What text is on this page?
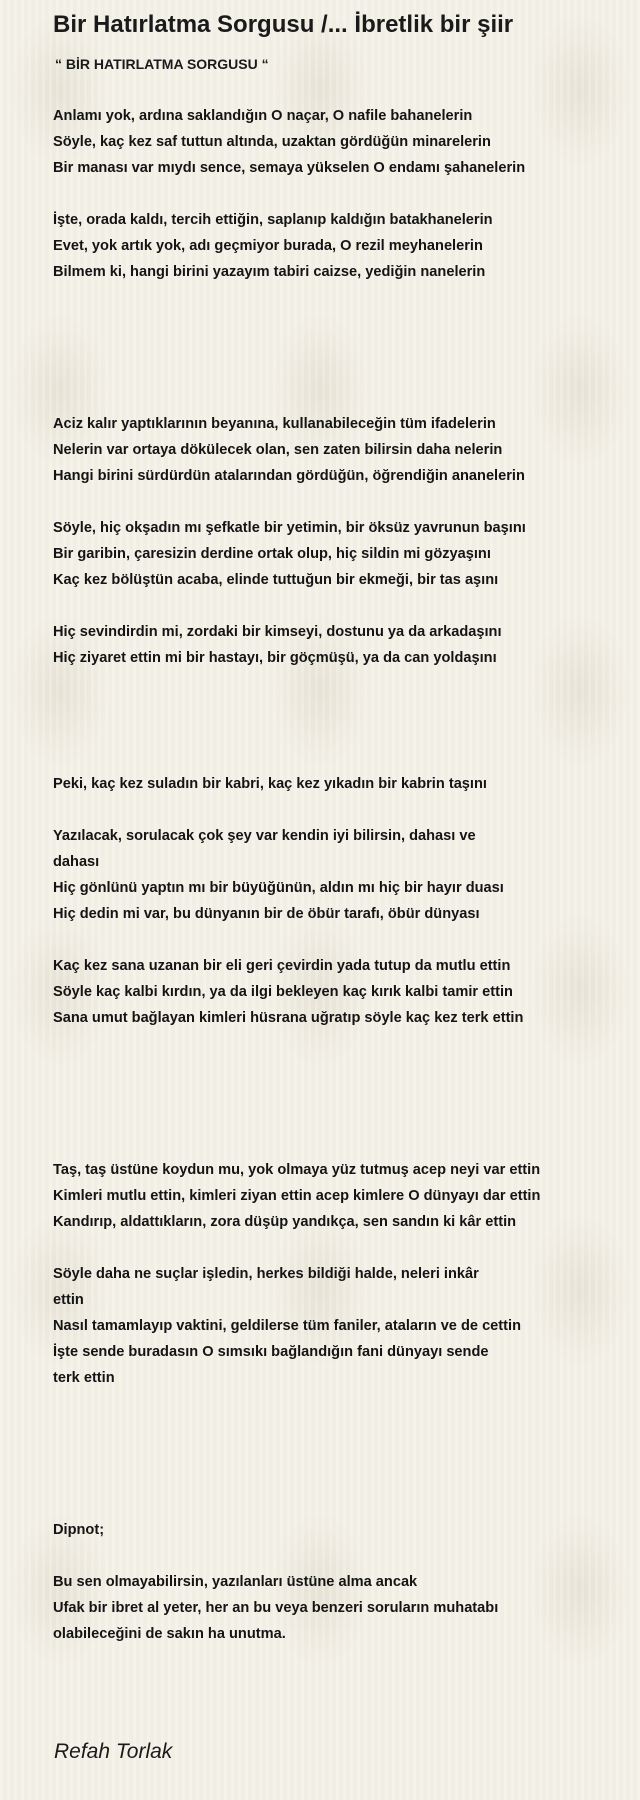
Bir Hatırlatma Sorgusu /... İbretlik bir şiir
“ BİR HATIRLATMA SORGUSU “
Anlamı yok, ardına saklandığın O naçar, O nafile bahanelerin
Söyle, kaç kez saf tuttun altında, uzaktan gördüğün minarelerin
Bir manası var mıydı sence, semaya yükselen O endamı şahanelerin
İşte, orada kaldı, tercih ettiğin, saplanıp kaldığın batakhanelerin
Evet, yok artık yok, adı geçmiyor burada, O rezil meyhanelerin
Bilmem ki, hangi birini yazayım tabiri caizse, yediğin nanelerin
Aciz kalır yaptıklarının beyanına, kullanabileceğin tüm ifadelerin
Nelerin var ortaya dökülecek olan, sen zaten bilirsin daha nelerin
Hangi birini sürdürdün atalarından gördüğün, öğrendiğin ananelerin
Söyle, hiç okşadın mı şefkatle bir yetimin, bir öksüz yavrunun başını
Bir garibin, çaresizin derdine ortak olup, hiç sildin mi gözyaşını
Kaç kez bölüştün acaba, elinde tuttuğun bir ekmeği, bir tas aşını
Hiç sevindirdin mi, zordaki bir kimseyi, dostunu ya da arkadaşını
Hiç ziyaret ettin mi bir hastayı, bir göçmüşü, ya da can yoldaşını
Peki, kaç kez suladın bir kabri, kaç kez yıkadın bir kabrin taşını
Yazılacak, sorulacak çok şey var kendin iyi bilirsin, dahası ve
dahası
Hiç gönlünü yaptın mı bir büyüğünün, aldın mı hiç bir hayır duası
Hiç dedin mi var, bu dünyanın bir de öbür tarafı, öbür dünyası
Kaç kez sana uzanan bir eli geri çevirdin yada tutup da mutlu ettin
Söyle kaç kalbi kırdın, ya da ilgi bekleyen kaç kırık kalbi tamir ettin
Sana umut bağlayan kimleri hüsrana uğratıp söyle kaç kez terk ettin
Taş, taş üstüne koydun mu, yok olmaya yüz tutmuş acep neyi var ettin
Kimleri mutlu ettin, kimleri ziyan ettin acep kimlere O dünyayı dar ettin
Kandırıp, aldattıkların, zora düşüp yandıkça, sen sandın ki kâr ettin
Söyle daha ne suçlar işledin, herkes bildiği halde, neleri inkâr
ettin
Nasıl tamamlayıp vaktini, geldilerse tüm faniler, ataların ve de cettin
İşte sende buradasın O sımsıkı bağlandığın fani dünyayı sende
terk ettin
Dipnot;
Bu sen olmayabilirsin, yazılanları üstüne alma ancak
Ufak bir ibret al yeter, her an bu veya benzeri soruların muhatabı
olabileceğini de sakın ha unutma.
Refah Torlak
